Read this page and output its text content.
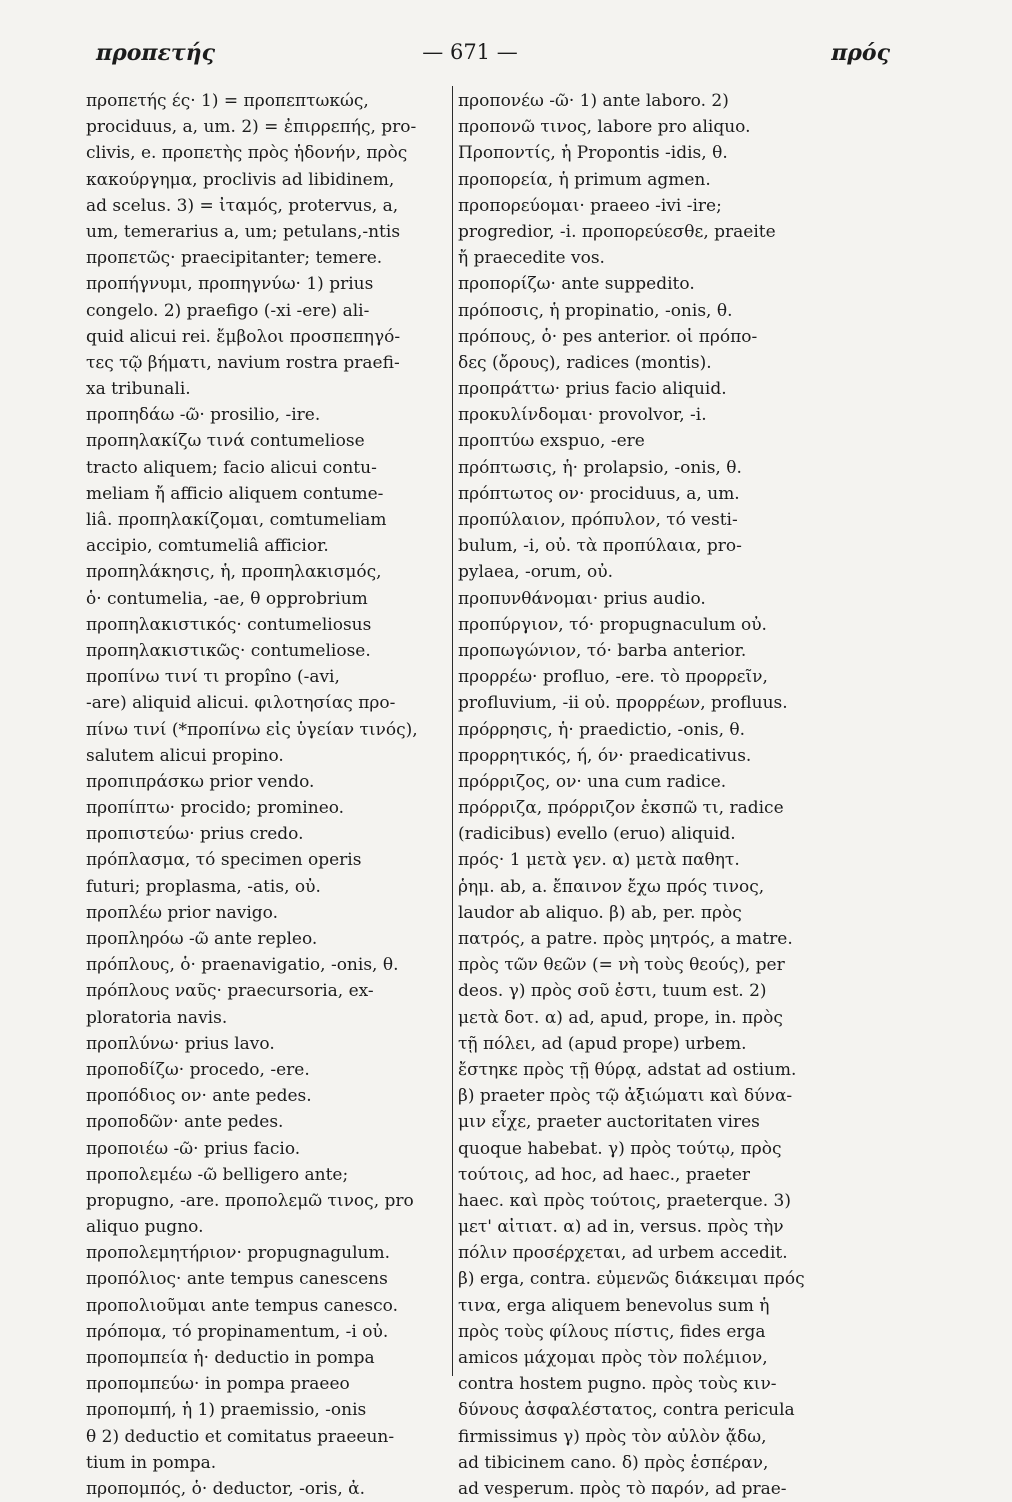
προπετής	— 671 —	πρός
προπετής ές· 1) = προπεπτωκώς,
prociduus, a, um. 2) = ἐπιρρεπής, pro-
clivis, e. προπετὴς πρὸς ἡδονήν, πρὸς
κακούργημα, proclivis ad libidinem,
ad scelus. 3) = ἰταμός, protervus, a,
um, temerarius a, um; petulans,-ntis
προπετῶς· praecipitanter; temere.
προπήγνυμι, προπηγνύω· 1) prius
congelo. 2) praefigo (-xi -ere) ali-
quid alicui rei. ἔμβολοι προσπεπηγό-
τες τῷ βήματι, navium rostra praefi-
xa tribunali.
προπηδάω -ῶ· prosilio, -ire.
προπηλακίζω τινά contumeliose
tracto aliquem; facio alicui contu-
meliam ἤ afficio aliquem contume-
liâ. προπηλακίζομαι, comtumeliam
accipio, comtumeliâ afficior.
προπηλάκησις, ἡ, προπηλακισμός,
ὁ· contumelia, -ae, θ opprobrium
προπηλακιστικός· contumeliosus
προπηλακιστικῶς· contumeliose.
προπίνω τινί τι propîno (-avi,
-are) aliquid alicui. φιλοτησίας προ-
πίνω τινί (*προπίνω εἰς ὑγείαν τινός),
salutem alicui propino.
προπιπράσκω prior vendo.
προπίπτω· procido; promineo.
προπιστεύω· prius credo.
πρόπλασμα, τό specimen operis
futuri; proplasma, -atis, οὐ.
προπλέω prior navigo.
προπληρόω -ῶ ante repleo.
πρόπλους, ὁ· praenavigatio, -onis, θ.
πρόπλους ναῦς· praecursoria, ex-
ploratoria navis.
προπλύνω· prius lavo.
προποδίζω· procedo, -ere.
προπόδιος ον· ante pedes.
προποδῶν· ante pedes.
προποιέω -ῶ· prius facio.
προπολεμέω -ῶ belligero ante;
propugno, -are. προπολεμῶ τινος, pro
aliquo pugno.
προπολεμητήριον· propugnagulum.
προπόλιος· ante tempus canescens
προπολιοῦμαι ante tempus canesco.
πρόπομα, τό propinamentum, -i οὐ.
προπομπεία ἡ· deductio in pompa
προπομπεύω· in pompa praeeo
προπομπή, ἡ 1) praemissio, -onis
θ 2) deductio et comitatus praeeun-
tium in pompa.
προπομπός, ὁ· deductor, -oris, ἀ.
προπονέω -ῶ· 1) ante laboro. 2)
προπονῶ τινος, labore pro aliquo.
Προποντίς, ἡ Propontis -idis, θ.
προπορεία, ἡ primum agmen.
προπορεύομαι· praeeo -ivi -ire;
progredior, -i. προπορεύεσθε, praeite
ἤ praecedite vos.
προπορίζω· ante suppedito.
πρόποσις, ἡ propinatio, -onis, θ.
πρόπους, ὁ· pes anterior. οἱ πρόπο-
δες (ὄρους), radices (montis).
προπράττω· prius facio aliquid.
προκυλίνδομαι· provolvor, -i.
προπτύω exspuo, -ere
πρόπτωσις, ἡ· prolapsio, -onis, θ.
πρόπτωτος ον· prociduus, a, um.
προπύλαιον, πρόπυλον, τό vesti-
bulum, -i, οὐ. τὰ προπύλαια, pro-
pylaea, -orum, οὐ.
προπυνθάνομαι· prius audio.
προπύργιον, τό· propugnaculum οὐ.
προπωγώνιον, τό· barba anterior.
προρρέω· profluo, -ere. τὸ προρρεῖν,
profluvium, -ii οὐ. προρρέων, profluus.
πρόρρησις, ἡ· praedictio, -onis, θ.
προρρητικός, ή, όν· praedicativus.
πρόρριζος, ον· una cum radice.
πρόρριζα, πρόρριζον ἐκσπῶ τι, radice
(radicibus) evello (eruo) aliquid.
πρός· 1 μετὰ γεν. α) μετὰ παθητ.
ῥημ. ab, a. ἔπαινον ἔχω πρός τινος,
laudor ab aliquo. β) ab, per. πρὸς
πατρός, a patre. πρὸς μητρός, a matre.
πρὸς τῶν θεῶν (= νὴ τοὺς θεούς), per
deos. γ) πρὸς σοῦ ἐστι, tuum est. 2)
μετὰ δοτ. α) ad, apud, prope, in. πρὸς
τῇ πόλει, ad (apud prope) urbem.
ἔστηκε πρὸς τῇ θύρᾳ, adstat ad ostium.
β) praeter πρὸς τῷ ἀξιώματι καὶ δύνα-
μιν εἶχε, praeter auctoritaten vires
quoque habebat. γ) πρὸς τούτῳ, πρὸς
τούτοις, ad hoc, ad haec., praeter
haec. καὶ πρὸς τούτοις, praeterque. 3)
μετ' αἰτιατ. α) ad in, versus. πρὸς τὴν
πόλιν προσέρχεται, ad urbem accedit.
β) erga, contra. εὐμενῶς διάκειμαι πρός
τινα, erga aliquem benevolus sum ἡ
πρὸς τοὺς φίλους πίστις, fides erga
amicos μάχομαι πρὸς τὸν πολέμιον,
contra hostem pugno. πρὸς τοὺς κιν-
δύνους ἀσφαλέστατος, contra pericula
firmissimus γ) πρὸς τὸν αὐλὸν ᾄδω,
ad tibicinem cano. δ) πρὸς ἑσπέραν,
ad vesperum. πρὸς τὸ παρόν, ad prae-
